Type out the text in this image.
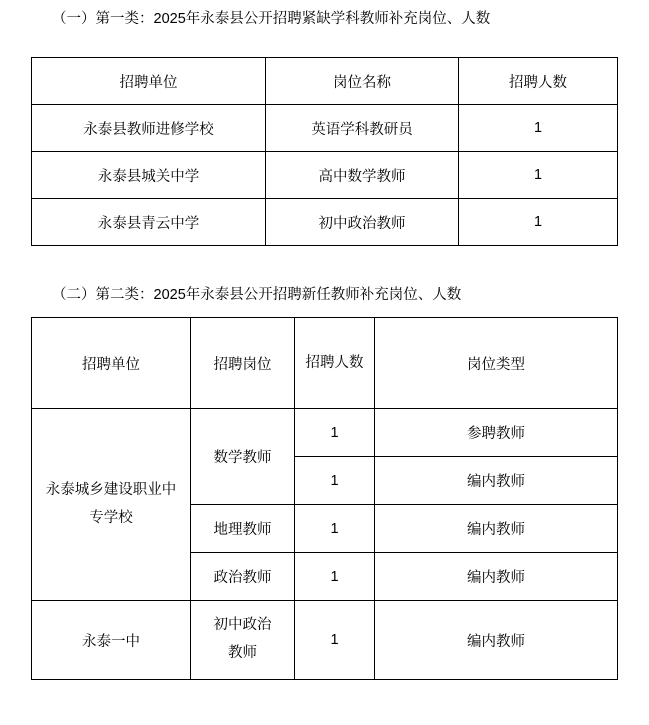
（一）第一类：2025年永泰县公开招聘紧缺学科教师补充岗位、人数

招聘单位	岗位名称	招聘人数
永泰县教师进修学校	英语学科教研员	1
永泰县城关中学	高中数学教师	1
永泰县青云中学	初中政治教师	1

（二）第二类：2025年永泰县公开招聘新任教师补充岗位、人数

招聘单位	招聘岗位	招聘人数	岗位类型
永泰城乡建设职业中
专学校	数学教师	1	参聘教师
		1	编内教师
	地理教师	1	编内教师
	政治教师	1	编内教师
永泰一中	初中政治
教师	1	编内教师
